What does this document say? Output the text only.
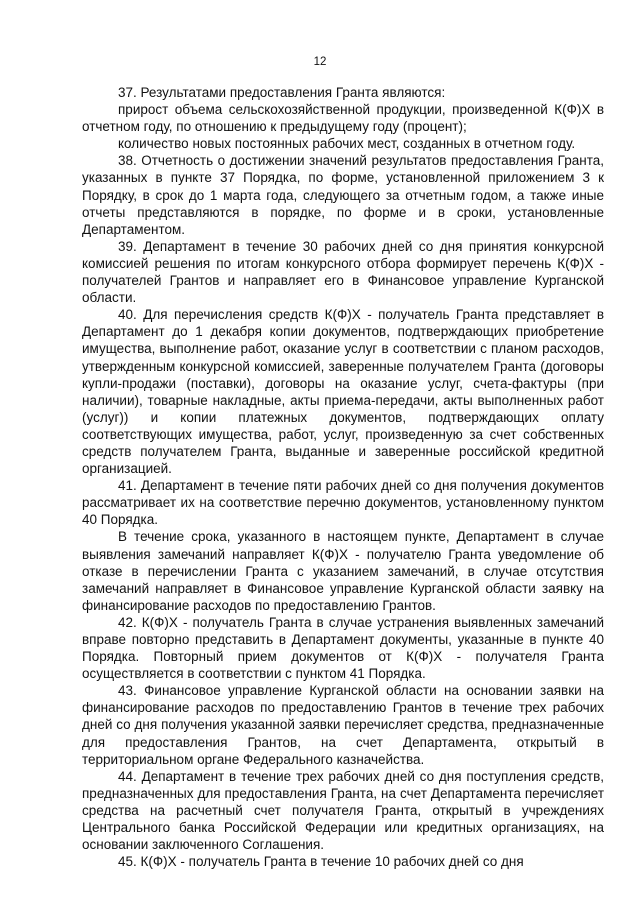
12

37. Результатами предоставления Гранта являются:

прирост объема сельскохозяйственной продукции, произведенной К(Ф)Х в отчетном году, по отношению к предыдущему году (процент);

количество новых постоянных рабочих мест, созданных в отчетном году.

38. Отчетность о достижении значений результатов предоставления Гранта, указанных в пункте 37 Порядка, по форме, установленной приложением 3 к Порядку, в срок до 1 марта года, следующего за отчетным годом, а также иные отчеты представляются в порядке, по форме и в сроки, установленные Департаментом.

39. Департамент в течение 30 рабочих дней со дня принятия конкурсной комиссией решения по итогам конкурсного отбора формирует перечень К(Ф)Х - получателей Грантов и направляет его в Финансовое управление Курганской области.

40. Для перечисления средств К(Ф)Х - получатель Гранта представляет в Департамент до 1 декабря копии документов, подтверждающих приобретение имущества, выполнение работ, оказание услуг в соответствии с планом расходов, утвержденным конкурсной комиссией, заверенные получателем Гранта (договоры купли-продажи (поставки), договоры на оказание услуг, счета-фактуры (при наличии), товарные накладные, акты приема-передачи, акты выполненных работ (услуг)) и копии платежных документов, подтверждающих оплату соответствующих имущества, работ, услуг, произведенную за счет собственных средств получателем Гранта, выданные и заверенные российской кредитной организацией.

41. Департамент в течение пяти рабочих дней со дня получения документов рассматривает их на соответствие перечню документов, установленному пунктом 40 Порядка.

В течение срока, указанного в настоящем пункте, Департамент в случае выявления замечаний направляет К(Ф)Х - получателю Гранта уведомление об отказе в перечислении Гранта с указанием замечаний, в случае отсутствия замечаний направляет в Финансовое управление Курганской области заявку на финансирование расходов по предоставлению Грантов.

42. К(Ф)Х - получатель Гранта в случае устранения выявленных замечаний вправе повторно представить в Департамент документы, указанные в пункте 40 Порядка. Повторный прием документов от К(Ф)Х - получателя Гранта осуществляется в соответствии с пунктом 41 Порядка.

43. Финансовое управление Курганской области на основании заявки на финансирование расходов по предоставлению Грантов в течение трех рабочих дней со дня получения указанной заявки перечисляет средства, предназначенные для предоставления Грантов, на счет Департамента, открытый в территориальном органе Федерального казначейства.

44. Департамент в течение трех рабочих дней со дня поступления средств, предназначенных для предоставления Гранта, на счет Департамента перечисляет средства на расчетный счет получателя Гранта, открытый в учреждениях Центрального банка Российской Федерации или кредитных организациях, на основании заключенного Соглашения.

45. К(Ф)Х - получатель Гранта в течение 10 рабочих дней со дня
